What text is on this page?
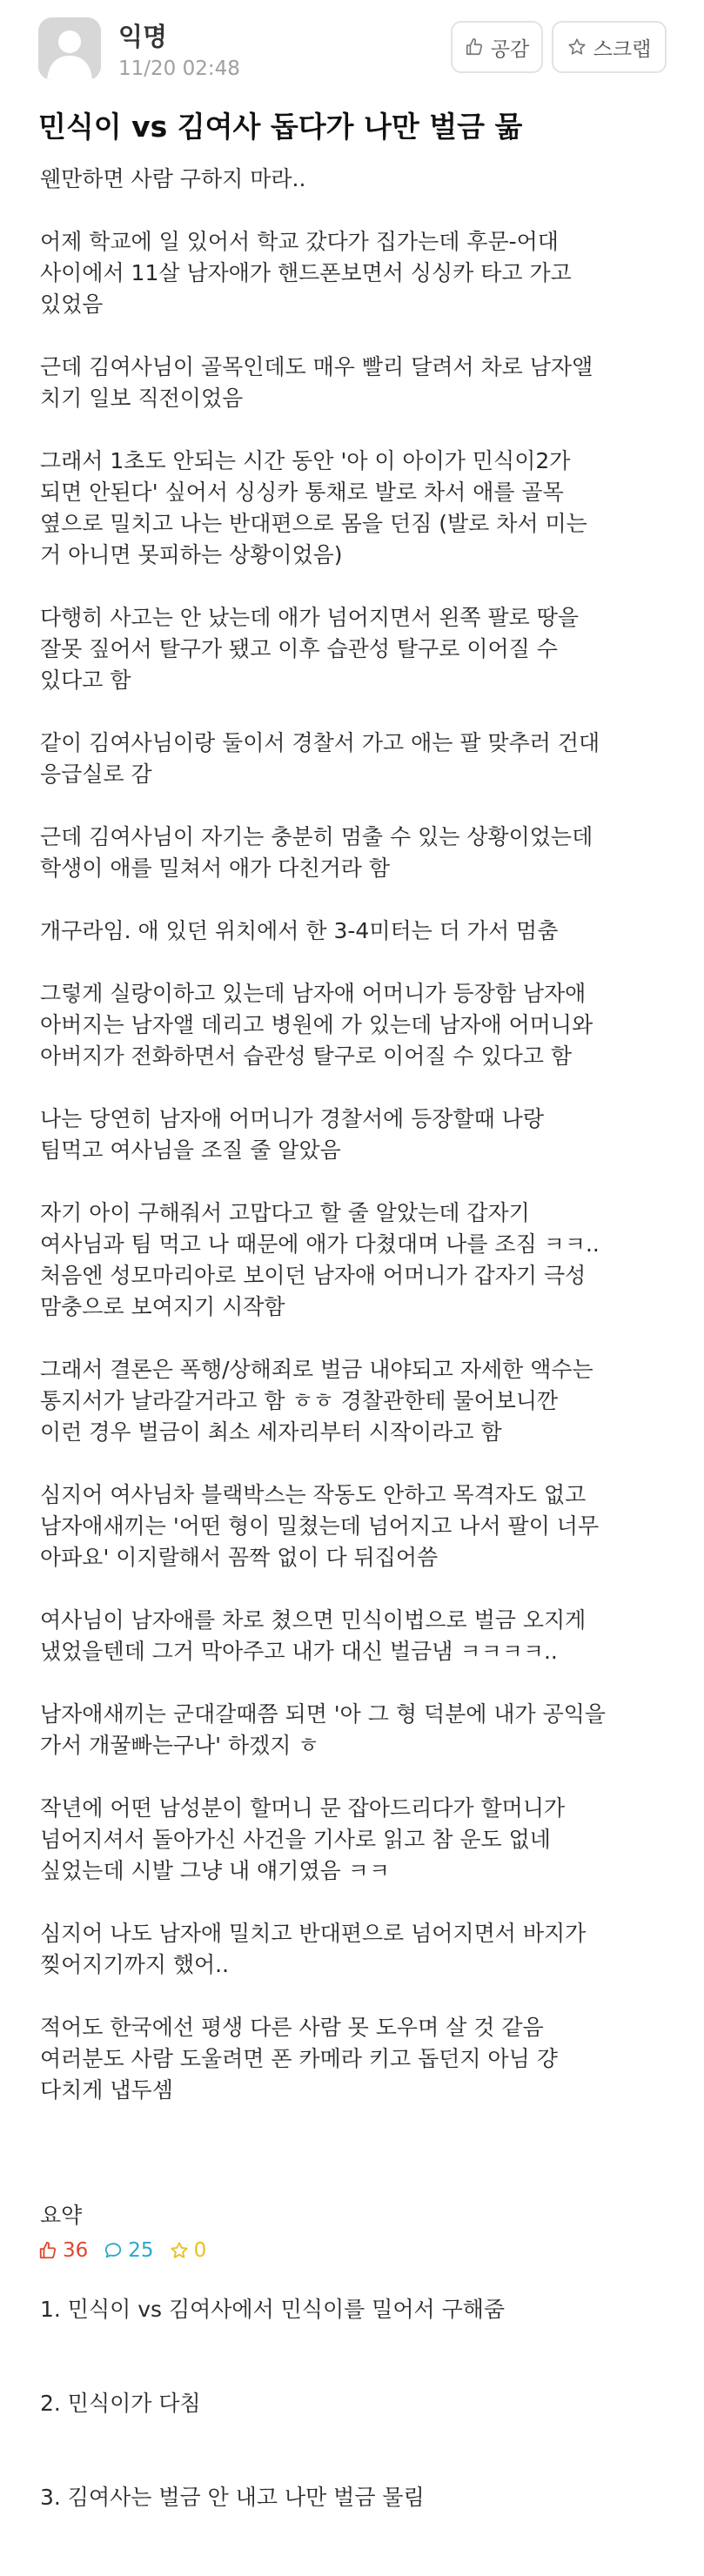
익명
11/20 02:48
공감	스크랩
민식이 vs 김여사 돕다가 나만 벌금 묾

웬만하면 사람 구하지 마라..

어제 학교에 일 있어서 학교 갔다가 집가는데 후문-어대
사이에서 11살 남자애가 핸드폰보면서 싱싱카 타고 가고
있었음

근데 김여사님이 골목인데도 매우 빨리 달려서 차로 남자앨
치기 일보 직전이었음

그래서 1초도 안되는 시간 동안 '아 이 아이가 민식이2가
되면 안된다' 싶어서 싱싱카 통채로 발로 차서 애를 골목
옆으로 밀치고 나는 반대편으로 몸을 던짐 (발로 차서 미는
거 아니면 못피하는 상황이었음)

다행히 사고는 안 났는데 애가 넘어지면서 왼쪽 팔로 땅을
잘못 짚어서 탈구가 됐고 이후 습관성 탈구로 이어질 수
있다고 함

같이 김여사님이랑 둘이서 경찰서 가고 애는 팔 맞추러 건대
응급실로 감

근데 김여사님이 자기는 충분히 멈출 수 있는 상황이었는데
학생이 애를 밀쳐서 애가 다친거라 함

개구라임. 애 있던 위치에서 한 3-4미터는 더 가서 멈춤

그렇게 실랑이하고 있는데 남자애 어머니가 등장함 남자애
아버지는 남자앨 데리고 병원에 가 있는데 남자애 어머니와
아버지가 전화하면서 습관성 탈구로 이어질 수 있다고 함

나는 당연히 남자애 어머니가 경찰서에 등장할때 나랑
팀먹고 여사님을 조질 줄 알았음

자기 아이 구해줘서 고맙다고 할 줄 알았는데 갑자기
여사님과 팀 먹고 나 때문에 애가 다쳤대며 나를 조짐 ㅋㅋ..
처음엔 성모마리아로 보이던 남자애 어머니가 갑자기 극성
맘충으로 보여지기 시작함

그래서 결론은 폭행/상해죄로 벌금 내야되고 자세한 액수는
통지서가 날라갈거라고 함 ㅎㅎ 경찰관한테 물어보니깐
이런 경우 벌금이 최소 세자리부터 시작이라고 함

심지어 여사님차 블랙박스는 작동도 안하고 목격자도 없고
남자애새끼는 '어떤 형이 밀쳤는데 넘어지고 나서 팔이 너무
아파요' 이지랄해서 꼼짝 없이 다 뒤집어씀

여사님이 남자애를 차로 쳤으면 민식이법으로 벌금 오지게
냈었을텐데 그거 막아주고 내가 대신 벌금냄 ㅋㅋㅋㅋ..

남자애새끼는 군대갈때쯤 되면 '아 그 형 덕분에 내가 공익을
가서 개꿀빠는구나' 하겠지 ㅎ

작년에 어떤 남성분이 할머니 문 잡아드리다가 할머니가
넘어지셔서 돌아가신 사건을 기사로 읽고 참 운도 없네
싶었는데 시발 그냥 내 얘기였음 ㅋㅋ

심지어 나도 남자애 밀치고 반대편으로 넘어지면서 바지가
찢어지기까지 했어..

적어도 한국에선 평생 다른 사람 못 도우며 살 것 같음
여러분도 사람 도울려면 폰 카메라 키고 돕던지 아님 걍
다치게 냅두셈

요약

1. 민식이 vs 김여사에서 민식이를 밀어서 구해줌

2. 민식이가 다침

3. 김여사는 벌금 안 내고 나만 벌금 물림

36 25 0
